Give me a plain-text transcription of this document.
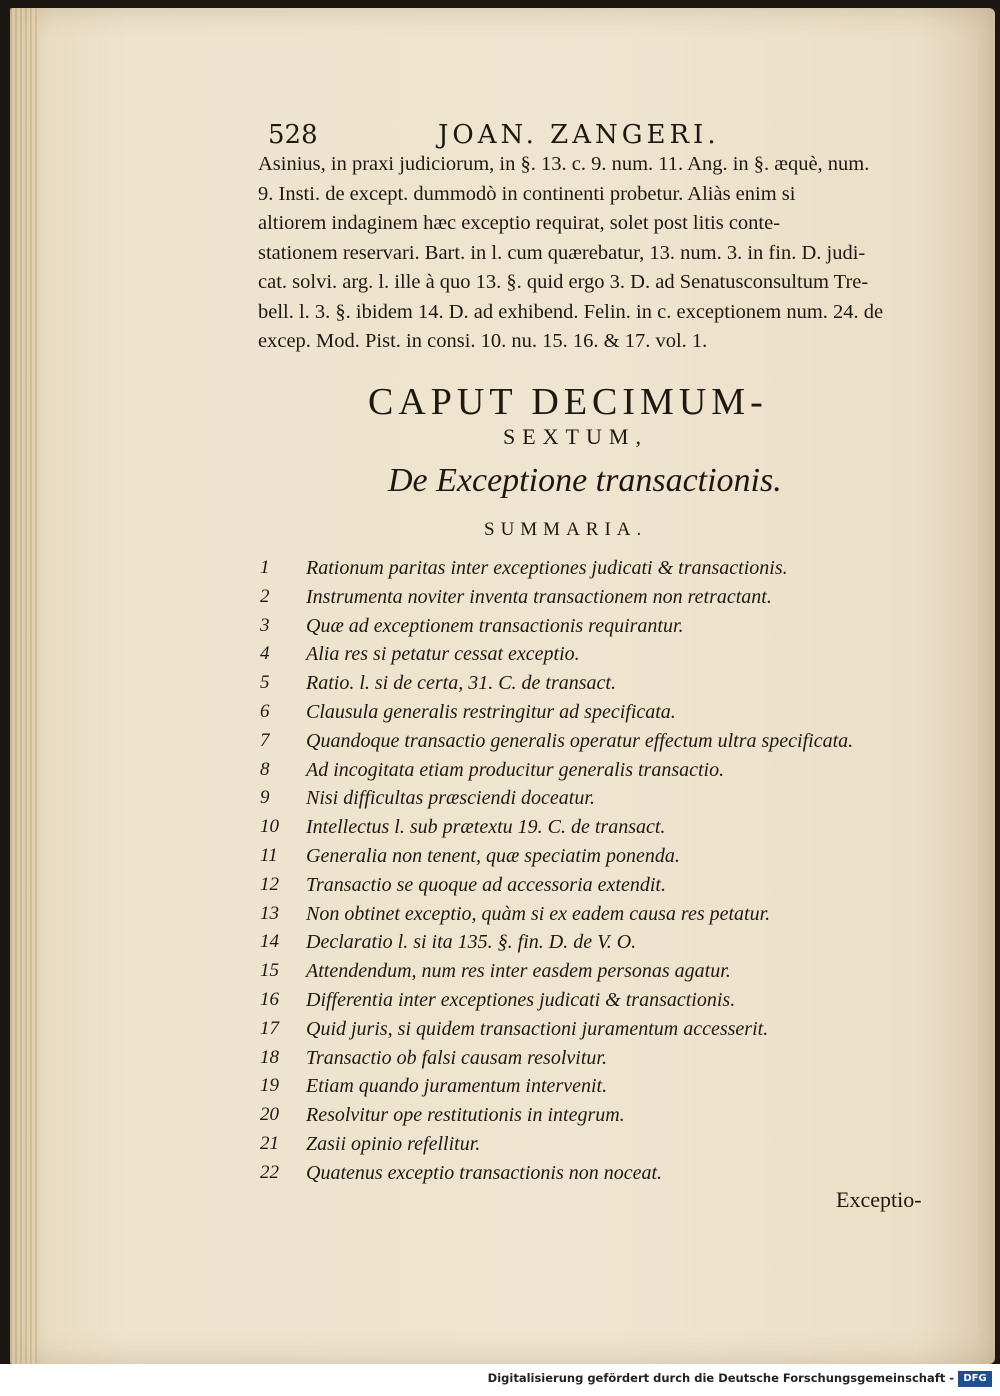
528	JOAN. ZANGERI.
Asinius, in praxi judiciorum, in §. 13. c. 9. num. 11. Ang. in §. æquè, num.
9. Insti. de except. dummodò in continenti probetur. Aliàs enim si
altiorem indaginem hæc exceptio requirat, solet post litis conte-
stationem reservari. Bart. in l. cum quærebatur, 13. num. 3. in fin. D. judi-
cat. solvi. arg. l. ille à quo 13. §. quid ergo 3. D. ad Senatusconsultum Tre-
bell. l. 3. §. ibidem 14. D. ad exhibend. Felin. in c. exceptionem num. 24. de
excep. Mod. Pist. in consi. 10. nu. 15. 16. & 17. vol. 1.
CAPUT DECIMUM-
SEXTUM,
De Exceptione transactionis.
SUMMARIA.
1	Rationum paritas inter exceptiones judicati & transactionis.
2	Instrumenta noviter inventa transactionem non retractant.
3	Quæ ad exceptionem transactionis requirantur.
4	Alia res si petatur cessat exceptio.
5	Ratio. l. si de certa, 31. C. de transact.
6	Clausula generalis restringitur ad specificata.
7	Quandoque transactio generalis operatur effectum ultra specificata.
8	Ad incogitata etiam producitur generalis transactio.
9	Nisi difficultas præsciendi doceatur.
10	Intellectus l. sub prætextu 19. C. de transact.
11	Generalia non tenent, quæ speciatim ponenda.
12	Transactio se quoque ad accessoria extendit.
13	Non obtinet exceptio, quàm si ex eadem causa res petatur.
14	Declaratio l. si ita 135. §. fin. D. de V. O.
15	Attendendum, num res inter easdem personas agatur.
16	Differentia inter exceptiones judicati & transactionis.
17	Quid juris, si quidem transactioni juramentum accesserit.
18	Transactio ob falsi causam resolvitur.
19	Etiam quando juramentum intervenit.
20	Resolvitur ope restitutionis in integrum.
21	Zasii opinio refellitur.
22	Quatenus exceptio transactionis non noceat.
Exceptio-
Digitalisierung gefördert durch die Deutsche Forschungsgemeinschaft - DFG
